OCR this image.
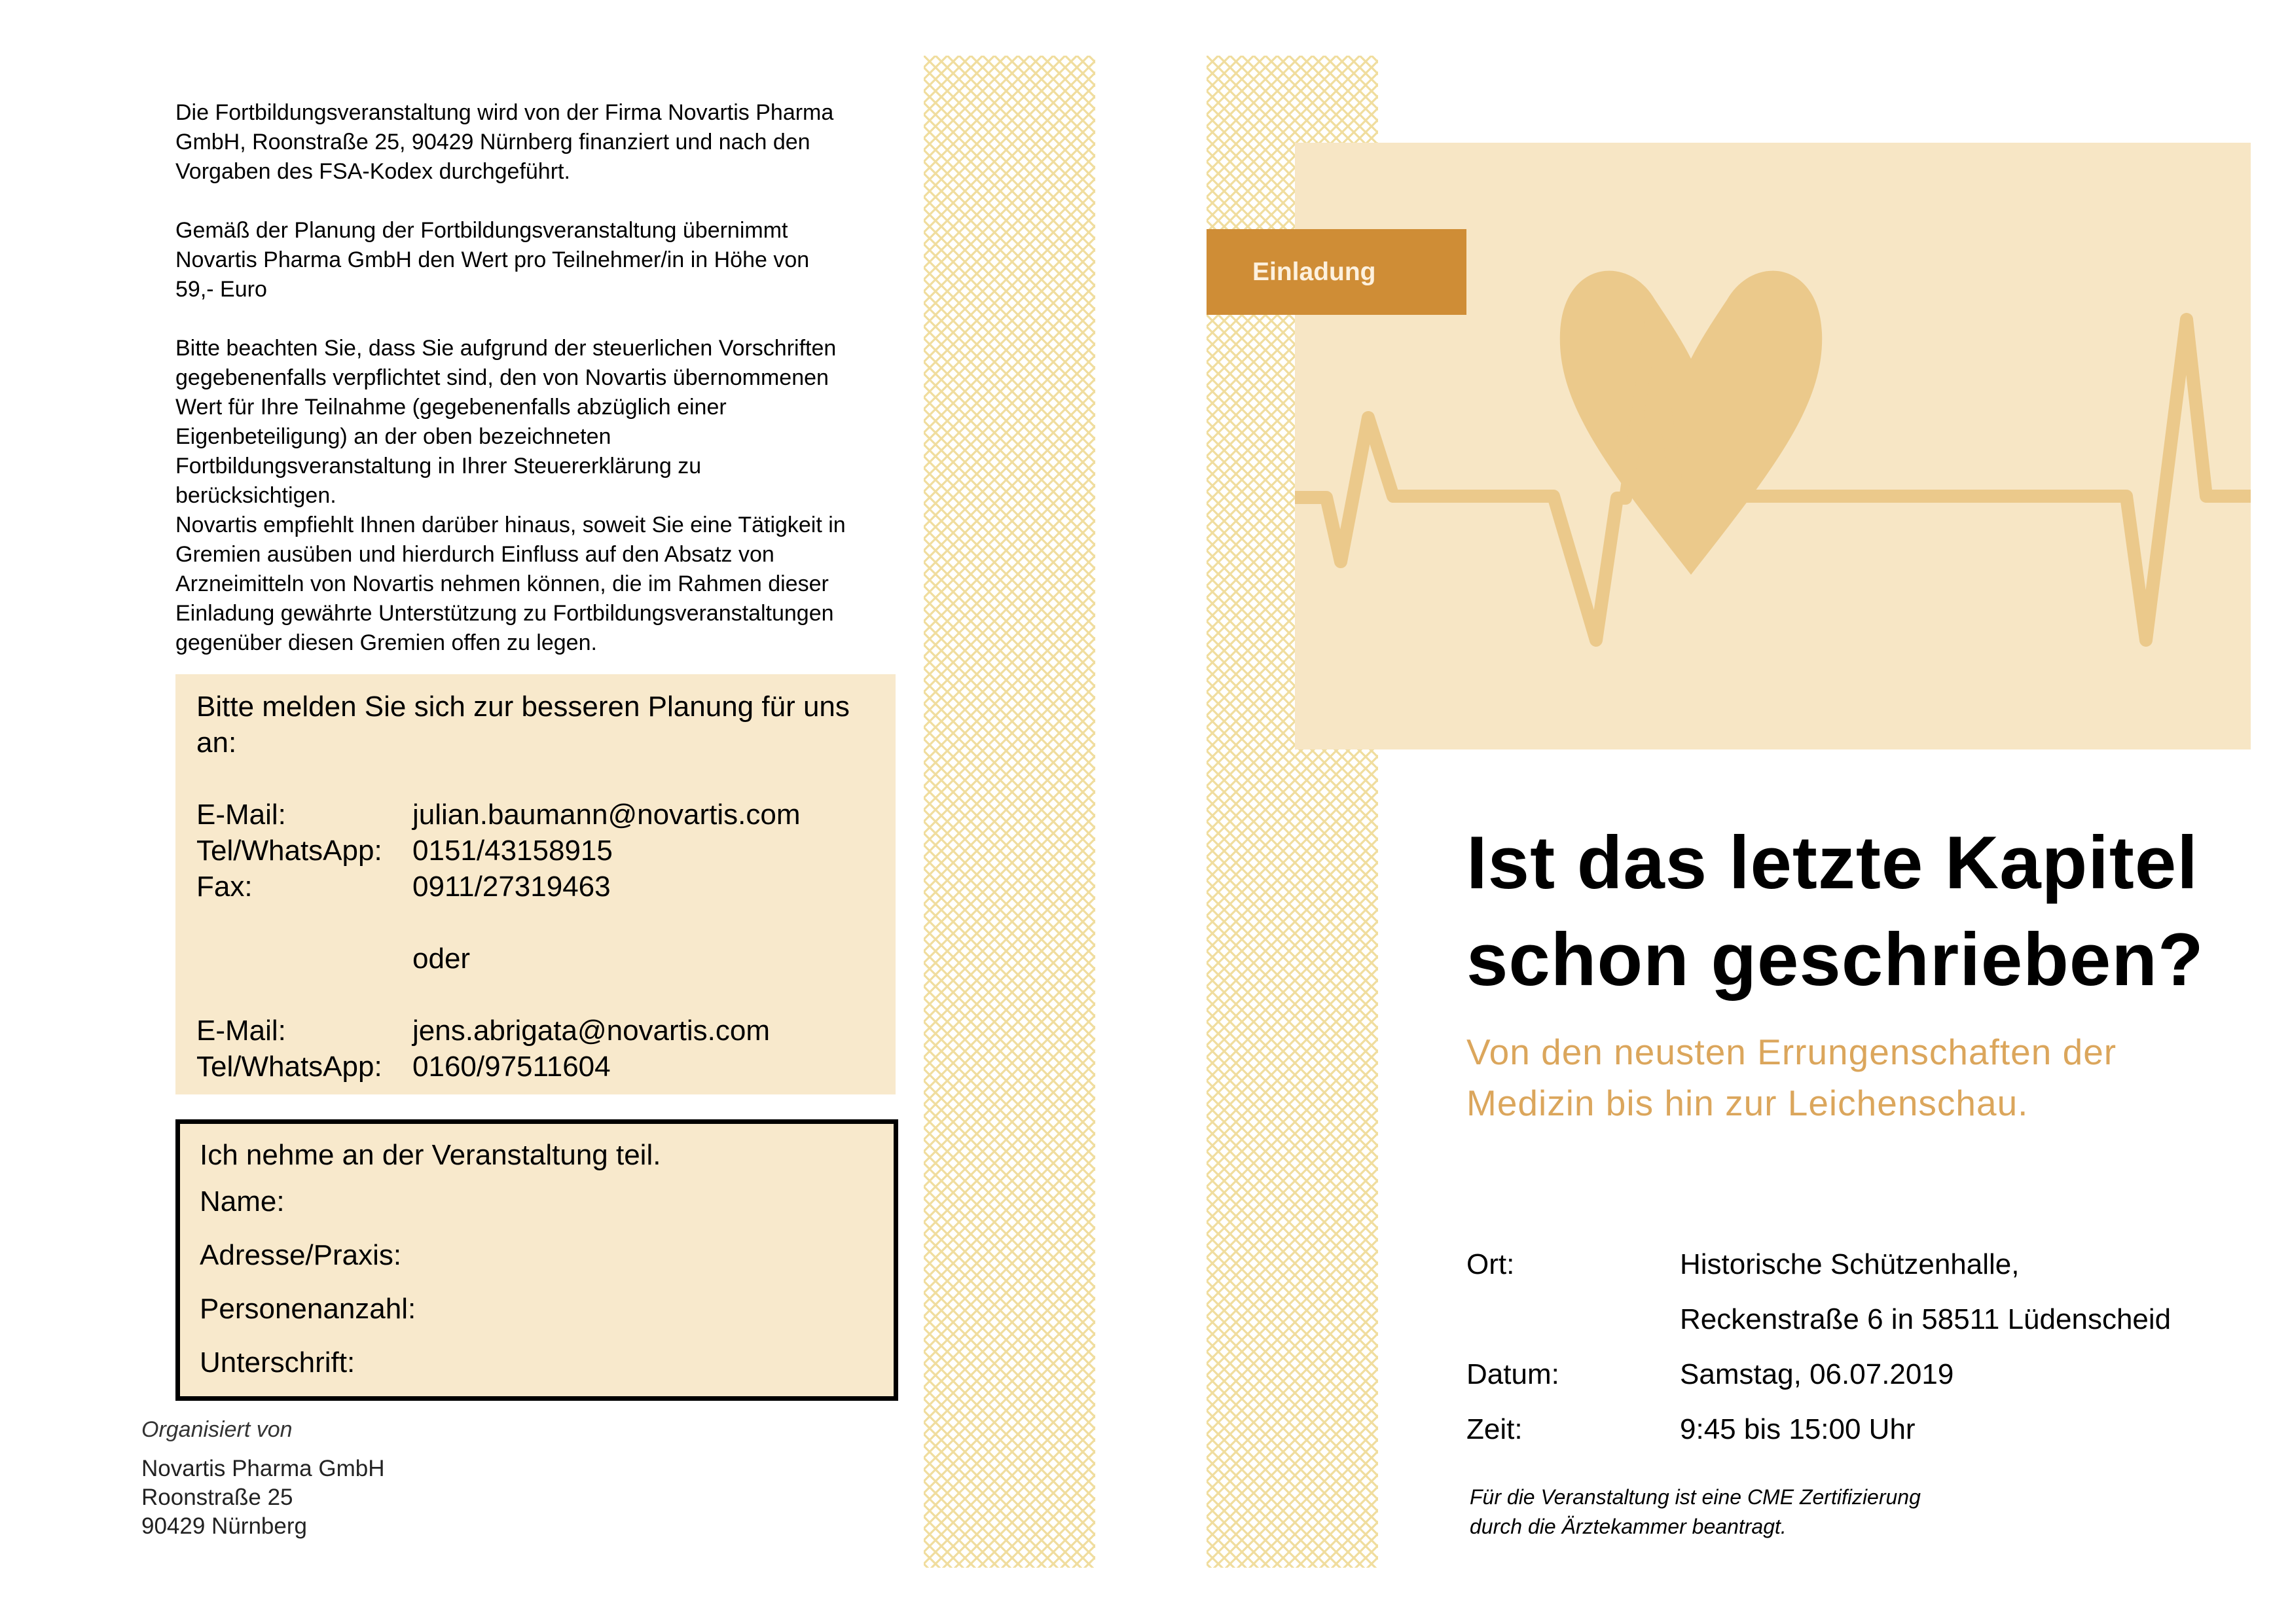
Die Fortbildungsveranstaltung wird von der Firma Novartis Pharma
GmbH, Roonstraße 25, 90429 Nürnberg finanziert und nach den
Vorgaben des FSA-Kodex durchgeführt.

Gemäß der Planung der Fortbildungsveranstaltung übernimmt
Novartis Pharma GmbH den Wert pro Teilnehmer/in in Höhe von
59,- Euro

Bitte beachten Sie, dass Sie aufgrund der steuerlichen Vorschriften
gegebenenfalls verpflichtet sind, den von Novartis übernommenen
Wert für Ihre Teilnahme (gegebenenfalls abzüglich einer
Eigenbeteiligung) an der oben bezeichneten
Fortbildungsveranstaltung in Ihrer Steuererklärung zu
berücksichtigen.

Novartis empfiehlt Ihnen darüber hinaus, soweit Sie eine Tätigkeit in
Gremien ausüben und hierdurch Einfluss auf den Absatz von
Arzneimitteln von Novartis nehmen können, die im Rahmen dieser
Einladung gewährte Unterstützung zu Fortbildungsveranstaltungen
gegenüber diesen Gremien offen zu legen.

Bitte melden Sie sich zur besseren Planung für uns an:
E-Mail:	julian.baumann@novartis.com
Tel/WhatsApp:	0151/43158915
Fax:	0911/27319463
oder
E-Mail:	jens.abrigata@novartis.com
Tel/WhatsApp:	0160/97511604
Ich nehme an der Veranstaltung teil.
Name:
Adresse/Praxis:
Personenanzahl:
Unterschrift:
Organisiert von
Novartis Pharma GmbH
Roonstraße 25
90429 Nürnberg
Einladung
Ist das letzte Kapitel
schon geschrieben?
Von den neusten Errungenschaften der
Medizin bis hin zur Leichenschau.
Ort:	Historische Schützenhalle,
Reckenstraße 6 in 58511 Lüdenscheid
Datum:	Samstag, 06.07.2019
Zeit:	9:45 bis 15:00 Uhr
Für die Veranstaltung ist eine CME Zertifizierung
durch die Ärztekammer beantragt.
